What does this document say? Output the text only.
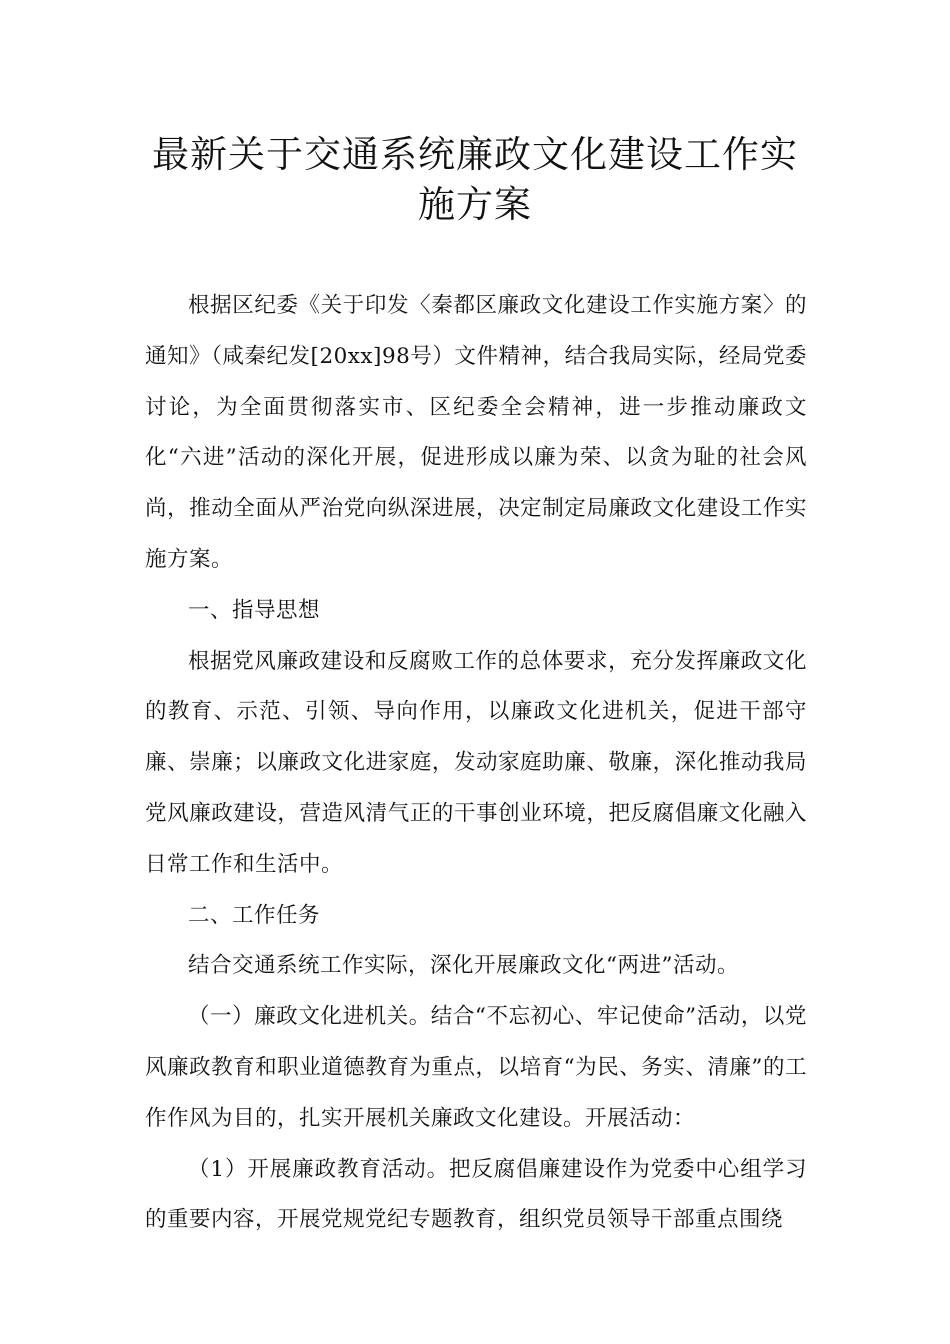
最新关于交通系统廉政文化建设工作实
施方案

根据区纪委《关于印发〈秦都区廉政文化建设工作实施方案〉的通知》（咸秦纪发[20xx]98号）文件精神，结合我局实际，经局党委讨论，为全面贯彻落实市、区纪委全会精神，进一步推动廉政文化“六进”活动的深化开展，促进形成以廉为荣、以贪为耻的社会风尚，推动全面从严治党向纵深进展，决定制定局廉政文化建设工作实施方案。

一、指导思想

根据党风廉政建设和反腐败工作的总体要求，充分发挥廉政文化的教育、示范、引领、导向作用，以廉政文化进机关，促进干部守廉、崇廉；以廉政文化进家庭，发动家庭助廉、敬廉，深化推动我局党风廉政建设，营造风清气正的干事创业环境，把反腐倡廉文化融入日常工作和生活中。

二、工作任务

结合交通系统工作实际，深化开展廉政文化“两进”活动。

（一）廉政文化进机关。结合“不忘初心、牢记使命”活动，以党风廉政教育和职业道德教育为重点，以培育“为民、务实、清廉”的工作作风为目的，扎实开展机关廉政文化建设。开展活动：

（1）开展廉政教育活动。把反腐倡廉建设作为党委中心组学习的重要内容，开展党规党纪专题教育，组织党员领导干部重点围绕
